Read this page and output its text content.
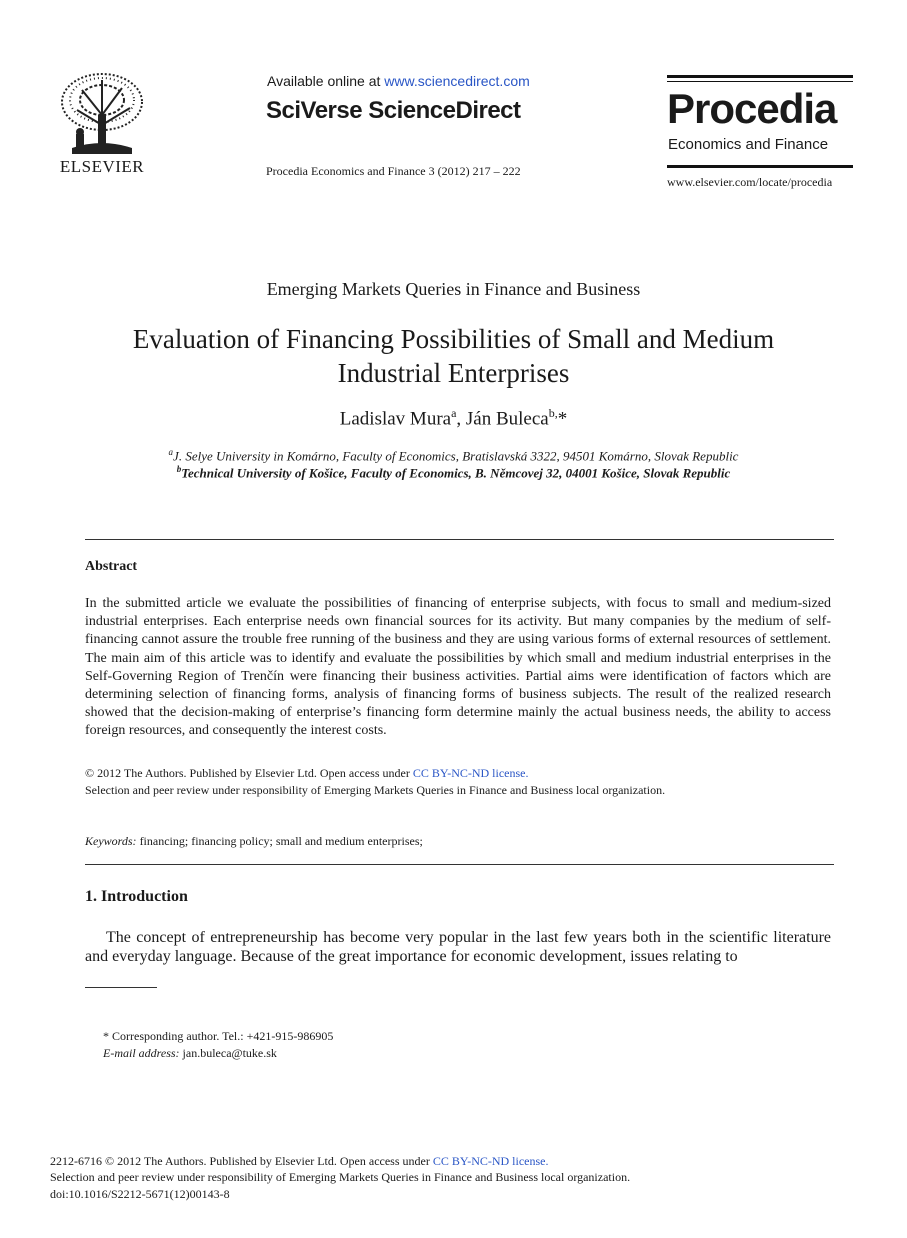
ELSEVIER
Available online at www.sciencedirect.com
SciVerse ScienceDirect
Procedia Economics and Finance 3 (2012) 217 – 222
Procedia
Economics and Finance
www.elsevier.com/locate/procedia
Emerging Markets Queries in Finance and Business
Evaluation of Financing Possibilities of Small and Medium Industrial Enterprises
Ladislav Mura$^a$, Ján Buleca$^{b,}$*
$^a$J. Selye University in Komárno, Faculty of Economics, Bratislavská 3322, 94501 Komárno, Slovak Republic
$^b$Technical University of Košice, Faculty of Economics, B. Němcovej 32, 04001 Košice, Slovak Republic
Abstract
In the submitted article we evaluate the possibilities of financing of enterprise subjects, with focus to small and medium-sized industrial enterprises. Each enterprise needs own financial sources for its activity. But many companies by the medium of self-financing cannot assure the trouble free running of the business and they are using various forms of external resources of settlement. The main aim of this article was to identify and evaluate the possibilities by which small and medium industrial enterprises in the Self-Governing Region of Trenčín were financing their business activities. Partial aims were identification of factors which are determining selection of financing forms, analysis of financing forms of business subjects. The result of the realized research showed that the decision-making of enterprise’s financing form determine mainly the actual business needs, the ability to access foreign resources, and consequently the interest costs.
© 2012 The Authors. Published by Elsevier Ltd. Open access under CC BY-NC-ND license.
Selection and peer review under responsibility of Emerging Markets Queries in Finance and Business local organization.
Keywords: financing; financing policy; small and medium enterprises;
1. Introduction
The concept of entrepreneurship has become very popular in the last few years both in the scientific literature and everyday language. Because of the great importance for economic development, issues relating to
* Corresponding author. Tel.: +421-915-986905
E-mail address: jan.buleca@tuke.sk
2212-6716 © 2012 The Authors. Published by Elsevier Ltd. Open access under CC BY-NC-ND license.
Selection and peer review under responsibility of Emerging Markets Queries in Finance and Business local organization.
doi:10.1016/S2212-5671(12)00143-8
